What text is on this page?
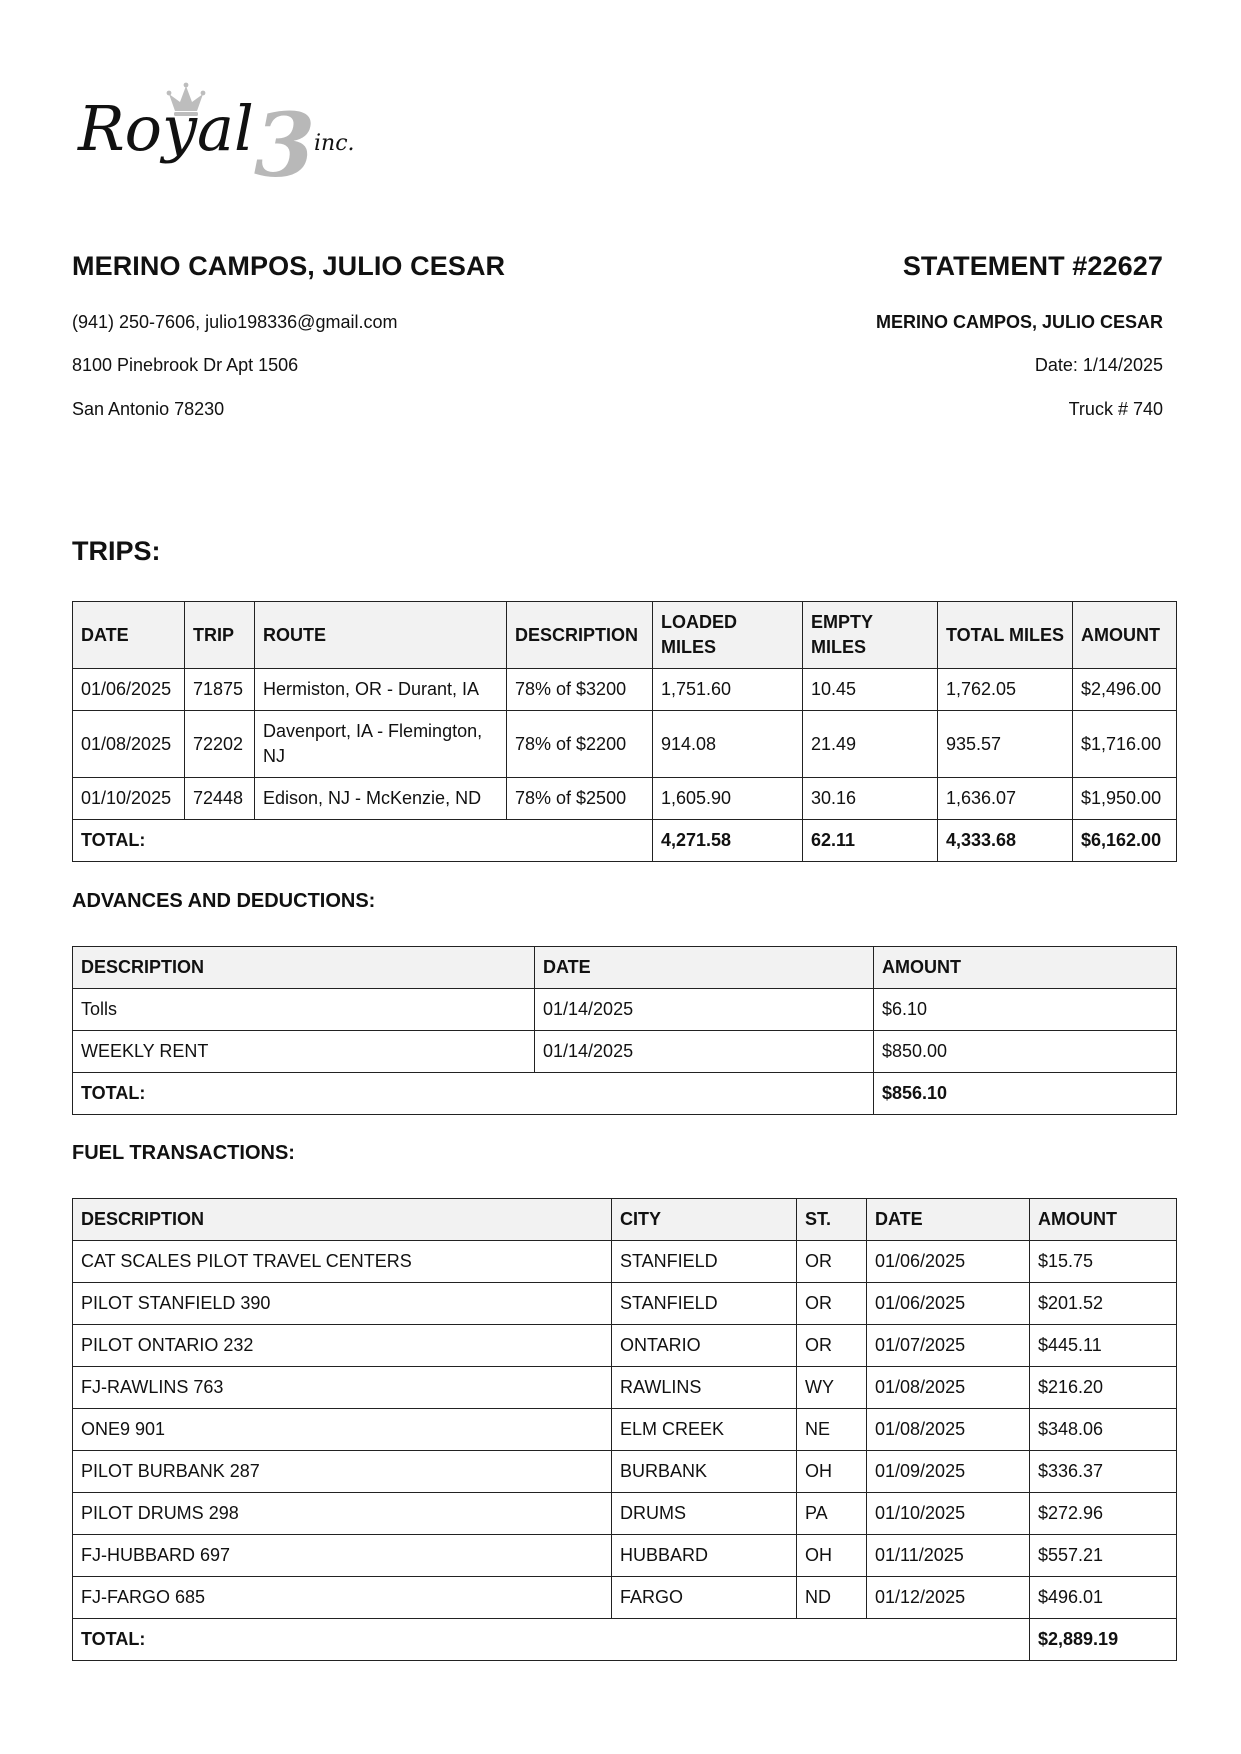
3
Royal	inc.
MERINO CAMPOS, JULIO CESAR
(941) 250-7606, julio198336@gmail.com
8100 Pinebrook Dr Apt 1506
San Antonio 78230
STATEMENT #22627
MERINO CAMPOS, JULIO CESAR
Date: 1/14/2025
Truck # 740
TRIPS:
DATE	TRIP	ROUTE	DESCRIPTION	LOADED MILES	EMPTY MILES	TOTAL MILES	AMOUNT
01/06/2025	71875	Hermiston, OR - Durant, IA	78% of $3200	1,751.60	10.45	1,762.05	$2,496.00
01/08/2025	72202	Davenport, IA - Flemington, NJ	78% of $2200	914.08	21.49	935.57	$1,716.00
01/10/2025	72448	Edison, NJ - McKenzie, ND	78% of $2500	1,605.90	30.16	1,636.07	$1,950.00
TOTAL:				4,271.58	62.11	4,333.68	$6,162.00
ADVANCES AND DEDUCTIONS:
DESCRIPTION	DATE	AMOUNT
Tolls	01/14/2025	$6.10
WEEKLY RENT	01/14/2025	$850.00
TOTAL:		$856.10
FUEL TRANSACTIONS:
DESCRIPTION	CITY	ST.	DATE	AMOUNT
CAT SCALES PILOT TRAVEL CENTERS	STANFIELD	OR	01/06/2025	$15.75
PILOT STANFIELD 390	STANFIELD	OR	01/06/2025	$201.52
PILOT ONTARIO 232	ONTARIO	OR	01/07/2025	$445.11
FJ-RAWLINS 763	RAWLINS	WY	01/08/2025	$216.20
ONE9 901	ELM CREEK	NE	01/08/2025	$348.06
PILOT BURBANK 287	BURBANK	OH	01/09/2025	$336.37
PILOT DRUMS 298	DRUMS	PA	01/10/2025	$272.96
FJ-HUBBARD 697	HUBBARD	OH	01/11/2025	$557.21
FJ-FARGO 685	FARGO	ND	01/12/2025	$496.01
TOTAL:				$2,889.19
